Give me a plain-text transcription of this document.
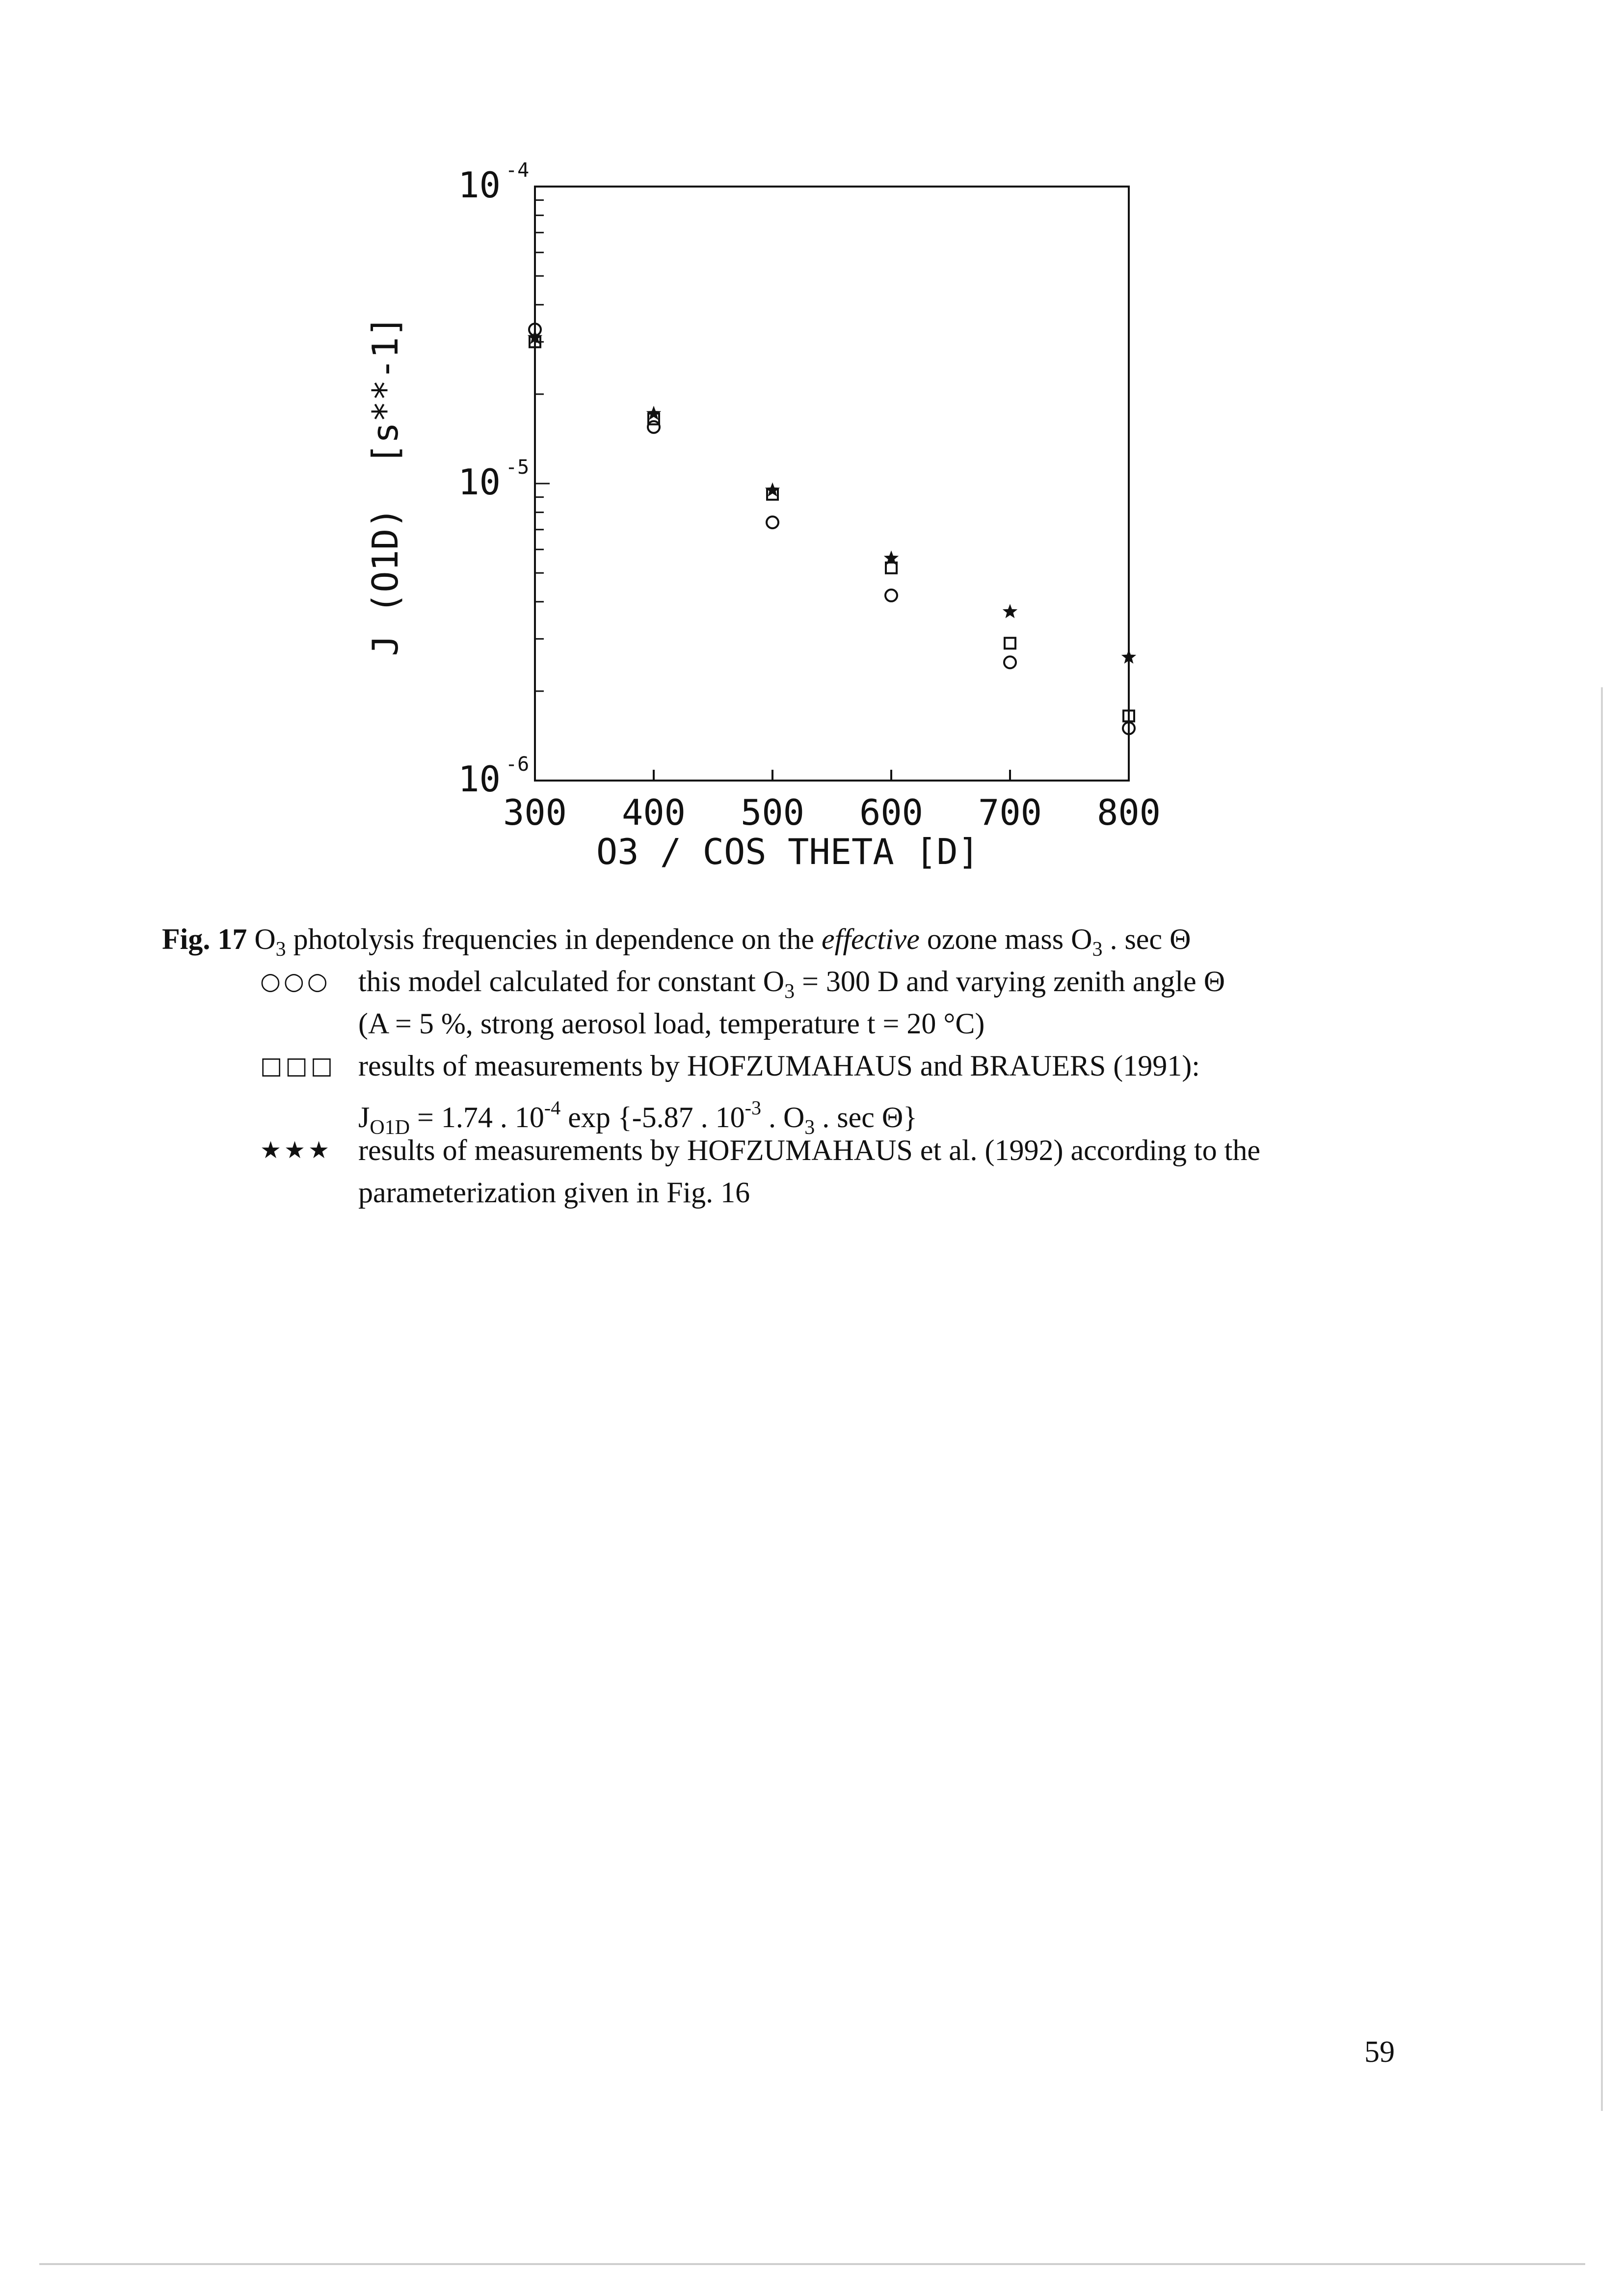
10 -4
10 -5
10 -6
300 400 500 600 700 800
O3 / COS THETA [D]
J (O1D)  [s**-1]
Fig. 17 $O_3$ photolysis frequencies in dependence on the effective ozone mass $O_3$ . sec Θ
○○○ this model calculated for constant $O_3 = 300$ D and varying zenith angle Θ
(A = 5 %, strong aerosol load, temperature t = 20 °C)
□□□ results of measurements by HOFZUMAHAUS and BRAUERS (1991):
$J_{O1D} = 1.74$ . $10^{-4}$ exp {-5.87 . $10^{-3}$ . $O_3$ . sec Θ}
★★★ results of measurements by HOFZUMAHAUS et al. (1992) according to the
parameterization given in Fig. 16
59
